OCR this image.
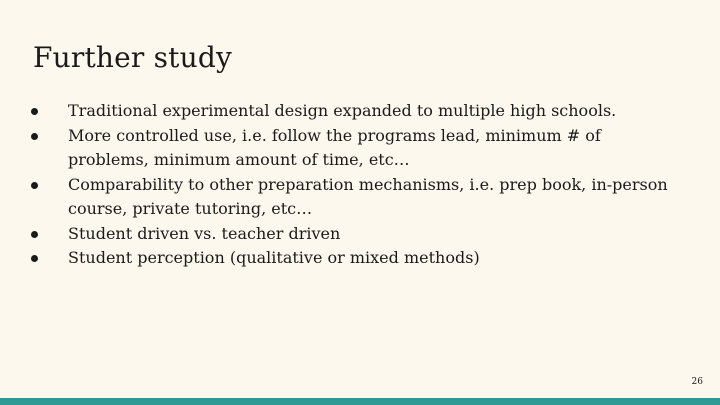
Further study
Traditional experimental design expanded to multiple high schools.
More controlled use, i.e. follow the programs lead, minimum # of problems, minimum amount of time, etc…
Comparability to other preparation mechanisms, i.e. prep book, in-person course, private tutoring, etc…
Student driven vs. teacher driven
Student perception (qualitative or mixed methods)
26
